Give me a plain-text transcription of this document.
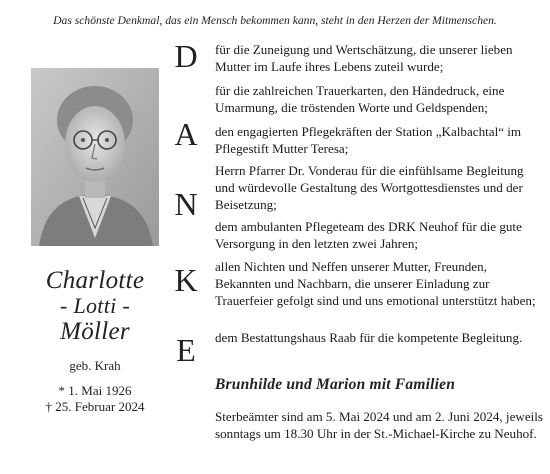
Das schönste Denkmal, das ein Mensch bekommen kann, steht in den Herzen der Mitmenschen.
Charlotte
- Lotti -
Möller
geb. Krah
* 1. Mai 1926
† 25. Februar 2024
D
A
N
K
E
für die Zuneigung und Wertschätzung, die unserer lieben Mutter im Laufe ihres Lebens zuteil wurde;
für die zahlreichen Trauerkarten, den Händedruck, eine Umarmung, die tröstenden Worte und Geldspenden;
den engagierten Pflegekräften der Station „Kalbachtal“ im Pflegestift Mutter Teresa;
Herrn Pfarrer Dr. Vonderau für die einfühlsame Begleitung und würdevolle Gestaltung des Wortgottesdienstes und der Beisetzung;
dem ambulanten Pflegeteam des DRK Neuhof für die gute Versorgung in den letzten zwei Jahren;
allen Nichten und Neffen unserer Mutter, Freunden, Bekannten und Nachbarn, die unserer Einladung zur Trauerfeier gefolgt sind und uns emotional unterstützt haben;
dem Bestattungshaus Raab für die kompetente Begleitung.
Brunhilde und Marion mit Familien
Sterbeämter sind am 5. Mai 2024 und am 2. Juni 2024, jeweils sonntags um 18.30 Uhr in der St.-Michael-Kirche zu Neuhof.
